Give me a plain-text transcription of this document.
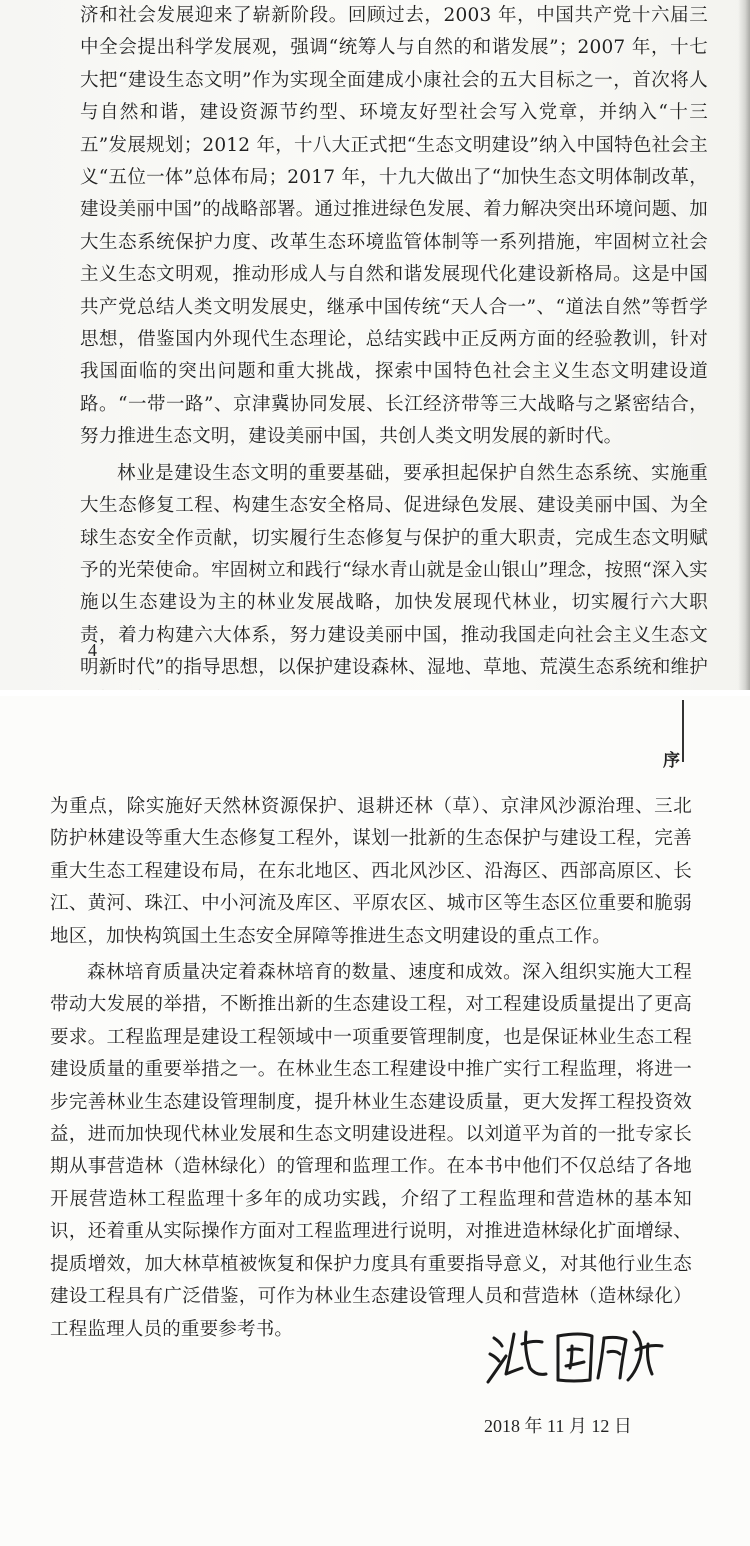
济和社会发展迎来了崭新阶段。回顾过去，2003 年，中国共产党十六届三中全会提出科学发展观，强调“统筹人与自然的和谐发展”；2007 年，十七大把“建设生态文明”作为实现全面建成小康社会的五大目标之一，首次将人与自然和谐，建设资源节约型、环境友好型社会写入党章，并纳入“十三五”发展规划；2012 年，十八大正式把“生态文明建设”纳入中国特色社会主义“五位一体”总体布局；2017 年，十九大做出了“加快生态文明体制改革，建设美丽中国”的战略部署。通过推进绿色发展、着力解决突出环境问题、加大生态系统保护力度、改革生态环境监管体制等一系列措施，牢固树立社会主义生态文明观，推动形成人与自然和谐发展现代化建设新格局。这是中国共产党总结人类文明发展史，继承中国传统“天人合一”、“道法自然”等哲学思想，借鉴国内外现代生态理论，总结实践中正反两方面的经验教训，针对我国面临的突出问题和重大挑战，探索中国特色社会主义生态文明建设道路。“一带一路”、京津冀协同发展、长江经济带等三大战略与之紧密结合，努力推进生态文明，建设美丽中国，共创人类文明发展的新时代。

林业是建设生态文明的重要基础，要承担起保护自然生态系统、实施重大生态修复工程、构建生态安全格局、促进绿色发展、建设美丽中国、为全球生态安全作贡献，切实履行生态修复与保护的重大职责，完成生态文明赋予的光荣使命。牢固树立和践行“绿水青山就是金山银山”理念，按照“深入实施以生态建设为主的林业发展战略，加快发展现代林业，切实履行六大职责，着力构建六大体系，努力建设美丽中国，推动我国走向社会主义生态文明新时代”的指导思想，以保护建设森林、湿地、草地、荒漠生态系统和维护

4
序

为重点，除实施好天然林资源保护、退耕还林（草）、京津风沙源治理、三北防护林建设等重大生态修复工程外，谋划一批新的生态保护与建设工程，完善重大生态工程建设布局，在东北地区、西北风沙区、沿海区、西部高原区、长江、黄河、珠江、中小河流及库区、平原农区、城市区等生态区位重要和脆弱地区，加快构筑国土生态安全屏障等推进生态文明建设的重点工作。

森林培育质量决定着森林培育的数量、速度和成效。深入组织实施大工程带动大发展的举措，不断推出新的生态建设工程，对工程建设质量提出了更高要求。工程监理是建设工程领域中一项重要管理制度，也是保证林业生态工程建设质量的重要举措之一。在林业生态工程建设中推广实行工程监理，将进一步完善林业生态建设管理制度，提升林业生态建设质量，更大发挥工程投资效益，进而加快现代林业发展和生态文明建设进程。以刘道平为首的一批专家长期从事营造林（造林绿化）的管理和监理工作。在本书中他们不仅总结了各地开展营造林工程监理十多年的成功实践，介绍了工程监理和营造林的基本知识，还着重从实际操作方面对工程监理进行说明，对推进造林绿化扩面增绿、提质增效，加大林草植被恢复和保护力度具有重要指导意义，对其他行业生态建设工程具有广泛借鉴，可作为林业生态建设管理人员和营造林（造林绿化）工程监理人员的重要参考书。

2018 年 11 月 12 日
